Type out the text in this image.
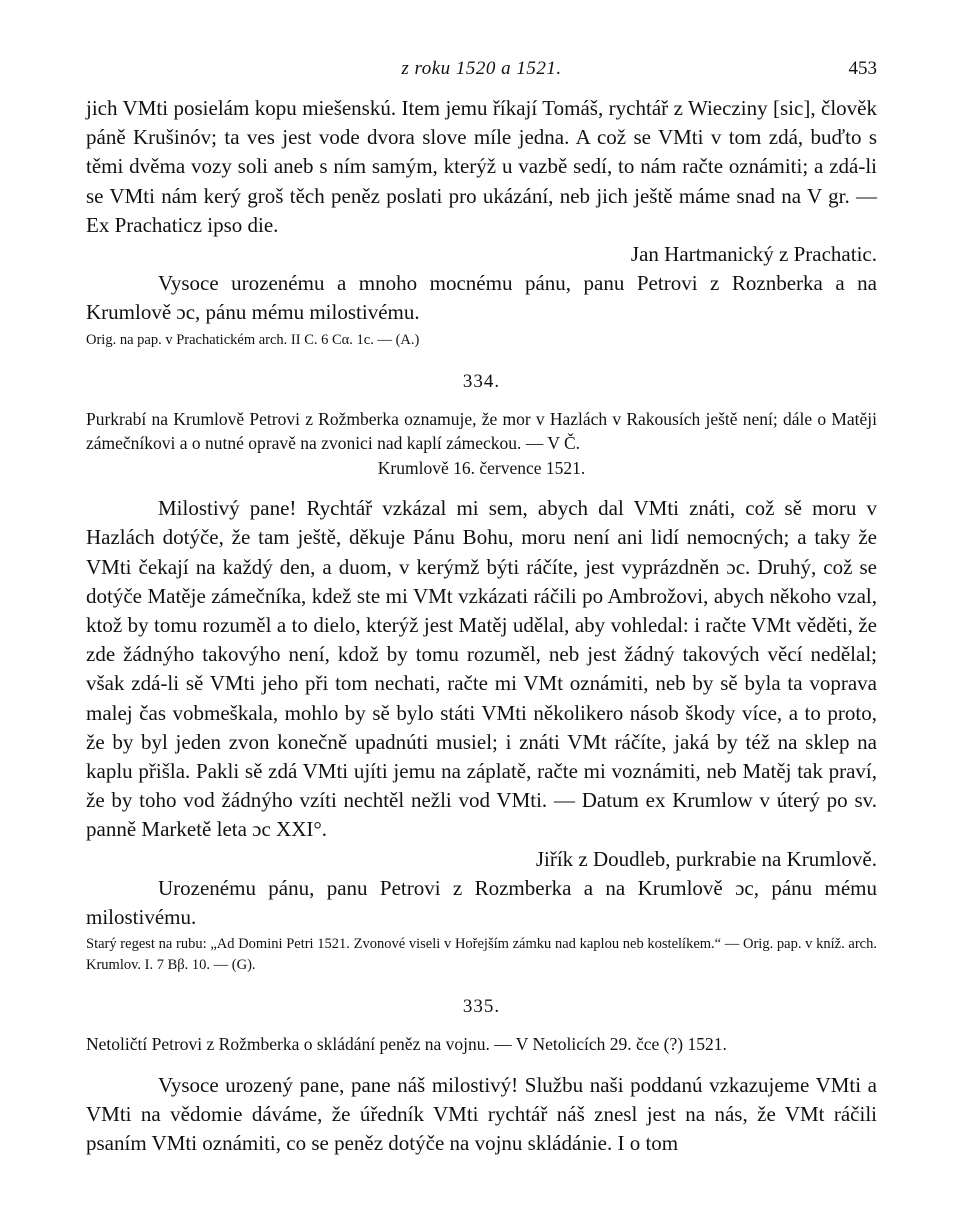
z roku 1520 a 1521.	453

jich VMti posielám kopu miešenskú. Item jemu říkají Tomáš, rychtář z Wiecziny [sic], člověk páně Krušinóv; ta ves jest vode dvora slove míle jedna. A což se VMti v tom zdá, buďto s těmi dvěma vozy soli aneb s ním samým, kterýž u vazbě sedí, to nám račte oznámiti; a zdá-li se VMti nám kerý groš těch peněz poslati pro ukázání, neb jich ještě máme snad na V gr. — Ex Prachaticz ipso die.

Jan Hartmanický z Prachatic.

Vysoce urozenému a mnoho mocnému pánu, panu Petrovi z Roznberka a na Krumlově ɔc, pánu mému milostivému.

Orig. na pap. v Prachatickém arch. II C. 6 Cα. 1c. — (A.)

334.

Purkrabí na Krumlově Petrovi z Rožmberka oznamuje, že mor v Hazlách v Rakousích ještě není; dále o Matěji zámečníkovi a o nutné opravě na zvonici nad kaplí zámeckou. — V Č.

Krumlově 16. července 1521.

Milostivý pane! Rychtář vzkázal mi sem, abych dal VMti znáti, což sě moru v Hazlách dotýče, že tam ještě, děkuje Pánu Bohu, moru není ani lidí nemocných; a taky že VMti čekají na každý den, a duom, v kerýmž býti ráčíte, jest vyprázdněn ɔc. Druhý, což se dotýče Matěje zámečníka, kdež ste mi VMt vzkázati ráčili po Ambrožovi, abych někoho vzal, ktož by tomu rozuměl a to dielo, kterýž jest Matěj udělal, aby vohledal: i račte VMt věděti, že zde žádnýho takovýho není, kdož by tomu rozuměl, neb jest žádný takových věcí nedělal; však zdá-li sě VMti jeho při tom nechati, račte mi VMt oznámiti, neb by sě byla ta voprava malej čas vobmeškala, mohlo by sě bylo státi VMti několikero násob škody více, a to proto, že by byl jeden zvon konečně upadnúti musiel; i znáti VMt ráčíte, jaká by též na sklep na kaplu přišla. Pakli sě zdá VMti ujíti jemu na záplatě, račte mi voznámiti, neb Matěj tak praví, že by toho vod žádnýho vzíti nechtěl nežli vod VMti. — Datum ex Krumlow v úterý po sv. panně Marketě leta ɔc XXI°.

Jiřík z Doudleb, purkrabie na Krumlově.

Urozenému pánu, panu Petrovi z Rozmberka a na Krumlově ɔc, pánu mému milostivému.

Starý regest na rubu: „Ad Domini Petri 1521. Zvonové viseli v Hořejším zámku nad kaplou neb kostelíkem.“ — Orig. pap. v kníž. arch. Krumlov. I. 7 Bβ. 10. — (G).

335.

Netoličtí Petrovi z Rožmberka o skládání peněz na vojnu. — V Netolicích 29. čce (?) 1521.

Vysoce urozený pane, pane náš milostivý! Službu naši poddanú vzkazujeme VMti a VMti na vědomie dáváme, že úředník VMti rychtář náš znesl jest na nás, že VMt ráčili psaním VMti oznámiti, co se peněz dotýče na vojnu skládánie. I o tom
